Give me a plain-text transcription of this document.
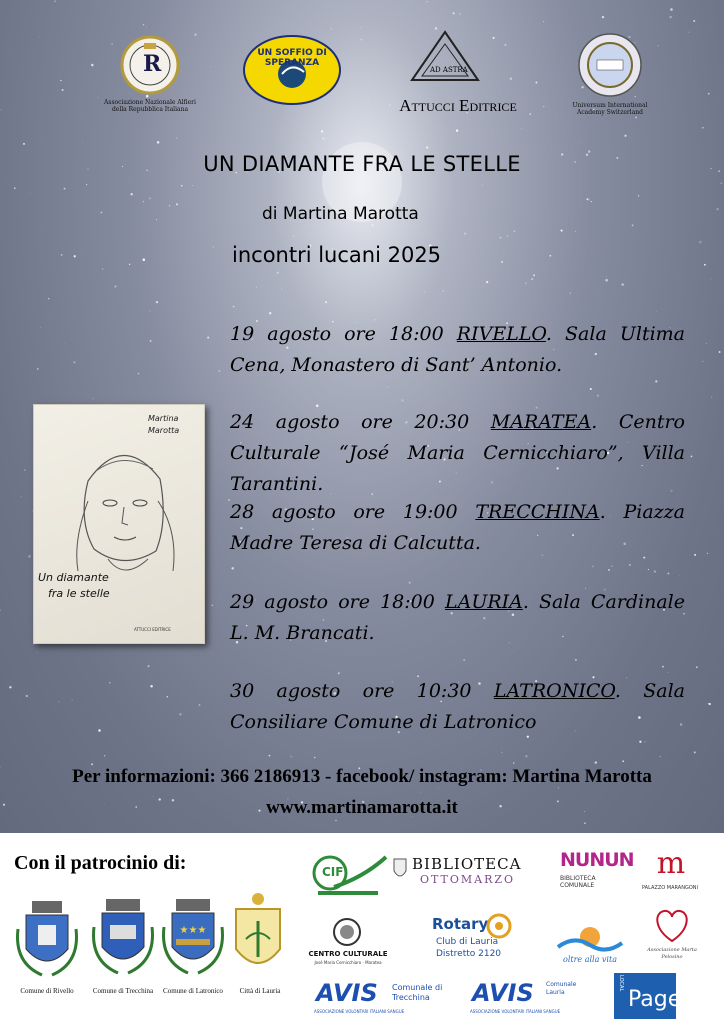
R
Associazione Nazionale Alfieri della Repubblica Italiana
UN SOFFIO DI SPERANZA
AD ASTRA
Attucci Editrice	Universum International Academy Switzerland
UN DIAMANTE FRA LE STELLE
di Martina Marotta
incontri lucani 2025
Martina Marotta
Un diamante
fra le stelle
ATTUCCI EDITRICE
19 agosto ore 18:00 RIVELLO. Sala Ultima Cena, Monastero di Sant’ Antonio.
24 agosto ore 20:30 MARATEA. Centro Culturale “José Maria Cernicchiaro”, Villa Tarantini.
28 agosto ore 19:00 TRECCHINA. Piazza Madre Teresa di Calcutta.
29 agosto ore 18:00 LAURIA. Sala Cardinale L. M. Brancati.
30 agosto ore 10:30 LATRONICO. Sala Consiliare Comune di Latronico
Per informazioni: 366 2186913 - facebook/ instagram: Martina Marotta
www.martinamarotta.it
Con il patrocinio di:
Comune di Rivello	Comune di Trecchina
★★★
Comune di Latronico	Città di Lauria
CIF	BIBLIOTECA
OTTOMARZO
NUNUN
BIBLIOTECA COMUNALE
m
PALAZZO MARANGONI
CENTRO CULTURALE
José Maria Cernicchiaro · Maratea
Rotary
Club di Lauria
Distretto 2120
oltre alla vita
Associazione Marta Pelosino
AVIS Comunale di Trecchina
ASSOCIAZIONE VOLONTARI ITALIANI SANGUE
AVIS Comunale Lauria
ASSOCIAZIONE VOLONTARI ITALIANI SANGUE
LOCAL
Page
